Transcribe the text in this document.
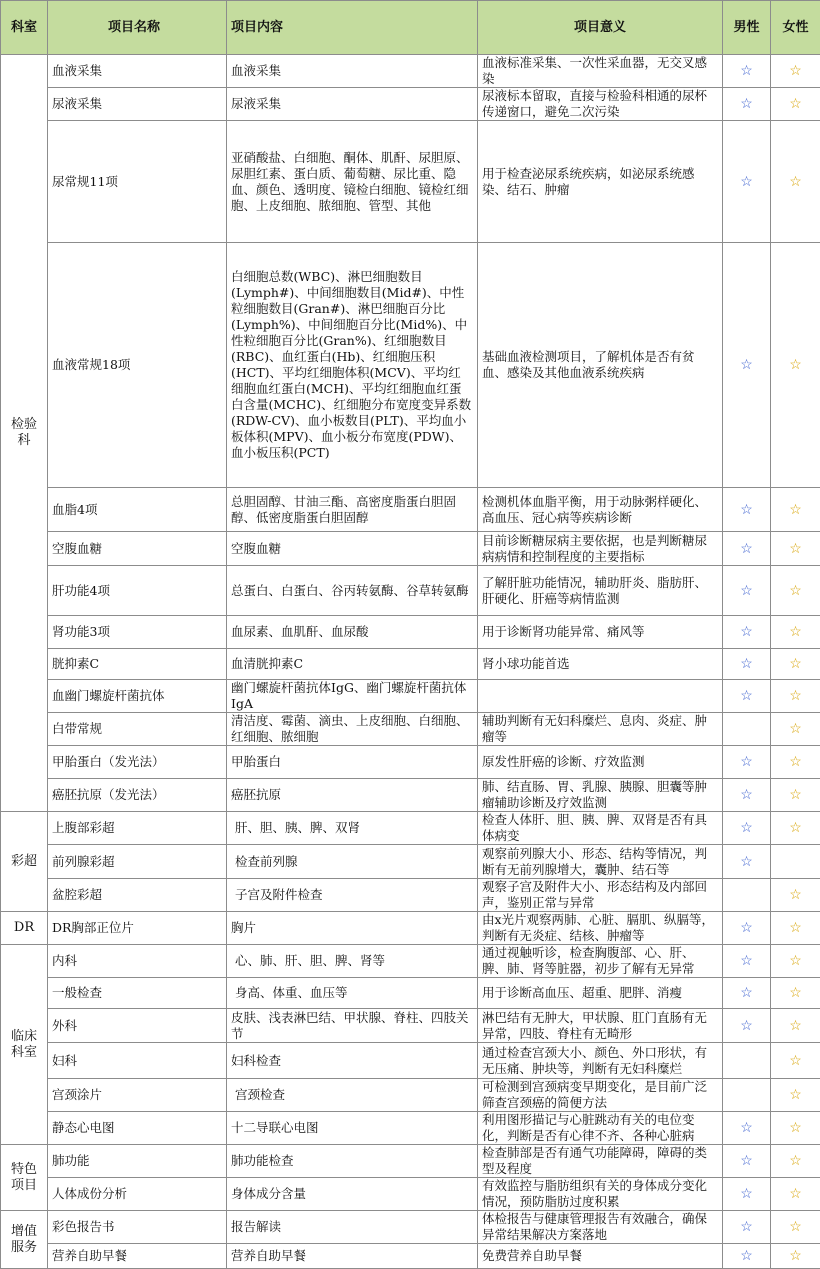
科室	项目名称	项目内容	项目意义	男性	女性
检验科	血液采集	血液采集	血液标准采集、一次性采血器，无交叉感染	☆	☆
	尿液采集	尿液采集	尿液标本留取，直接与检验科相通的尿杯传递窗口，避免二次污染	☆	☆
	尿常规11项	亚硝酸盐、白细胞、酮体、肌酐、尿胆原、尿胆红素、蛋白质、葡萄糖、尿比重、隐血、颜色、透明度、镜检白细胞、镜检红细胞、上皮细胞、脓细胞、管型、其他	用于检查泌尿系统疾病，如泌尿系统感染、结石、肿瘤	☆	☆
	血液常规18项	白细胞总数(WBC)、淋巴细胞数目(Lymph#)、中间细胞数目(Mid#)、中性粒细胞数目(Gran#)、淋巴细胞百分比(Lymph%)、中间细胞百分比(Mid%)、中性粒细胞百分比(Gran%)、红细胞数目(RBC)、血红蛋白(Hb)、红细胞压积(HCT)、平均红细胞体积(MCV)、平均红细胞血红蛋白(MCH)、平均红细胞血红蛋白含量(MCHC)、红细胞分布宽度变异系数(RDW-CV)、血小板数目(PLT)、平均血小板体积(MPV)、血小板分布宽度(PDW)、血小板压积(PCT)	基础血液检测项目，了解机体是否有贫血、感染及其他血液系统疾病	☆	☆
	血脂4项	总胆固醇、甘油三酯、高密度脂蛋白胆固醇、低密度脂蛋白胆固醇	检测机体血脂平衡，用于动脉粥样硬化、高血压、冠心病等疾病诊断	☆	☆
	空腹血糖	空腹血糖	目前诊断糖尿病主要依据，也是判断糖尿病病情和控制程度的主要指标	☆	☆
	肝功能4项	总蛋白、白蛋白、谷丙转氨酶、谷草转氨酶	了解肝脏功能情况，辅助肝炎、脂肪肝、肝硬化、肝癌等病情监测	☆	☆
	肾功能3项	血尿素、血肌酐、血尿酸	用于诊断肾功能异常、痛风等	☆	☆
	胱抑素C	血清胱抑素C	肾小球功能首选	☆	☆
	血幽门螺旋杆菌抗体	幽门螺旋杆菌抗体IgG、幽门螺旋杆菌抗体IgA		☆	☆
	白带常规	清洁度、霉菌、滴虫、上皮细胞、白细胞、红细胞、脓细胞	辅助判断有无妇科糜烂、息肉、炎症、肿瘤等		☆
	甲胎蛋白（发光法）	甲胎蛋白	原发性肝癌的诊断、疗效监测	☆	☆
	癌胚抗原（发光法）	癌胚抗原	肺、结直肠、胃、乳腺、胰腺、胆囊等肿瘤辅助诊断及疗效监测	☆	☆
彩超	上腹部彩超	肝、胆、胰、脾、双肾	检查人体肝、胆、胰、脾、双肾是否有具体病变	☆	☆
	前列腺彩超	检查前列腺	观察前列腺大小、形态、结构等情况，判断有无前列腺增大，囊肿、结石等	☆	
	盆腔彩超	子宫及附件检查	观察子宫及附件大小、形态结构及内部回声，鉴别正常与异常		☆
DR	DR胸部正位片	胸片	由x光片观察两肺、心脏、膈肌、纵膈等，判断有无炎症、结核、肿瘤等	☆	☆
临床科室	内科	心、肺、肝、胆、脾、肾等	通过视触听诊，检查胸腹部、心、肝、脾、肺、肾等脏器，初步了解有无异常	☆	☆
	一般检查	身高、体重、血压等	用于诊断高血压、超重、肥胖、消瘦	☆	☆
	外科	皮肤、浅表淋巴结、甲状腺、脊柱、四肢关节	淋巴结有无肿大，甲状腺、肛门直肠有无异常，四肢、脊柱有无畸形	☆	☆
	妇科	妇科检查	通过检查宫颈大小、颜色、外口形状，有无压痛、肿块等，判断有无妇科糜烂		☆
	宫颈涂片	宫颈检查	可检测到宫颈病变早期变化，是目前广泛筛查宫颈癌的简便方法		☆
	静态心电图	十二导联心电图	利用图形描记与心脏跳动有关的电位变化，判断是否有心律不齐、各种心脏病	☆	☆
特色项目	肺功能	肺功能检查	检查肺部是否有通气功能障碍，障碍的类型及程度	☆	☆
	人体成份分析	身体成分含量	有效监控与脂肪组织有关的身体成分变化情况，预防脂肪过度积累	☆	☆
增值服务	彩色报告书	报告解读	体检报告与健康管理报告有效融合，确保异常结果解决方案落地	☆	☆
	营养自助早餐	营养自助早餐	免费营养自助早餐	☆	☆
